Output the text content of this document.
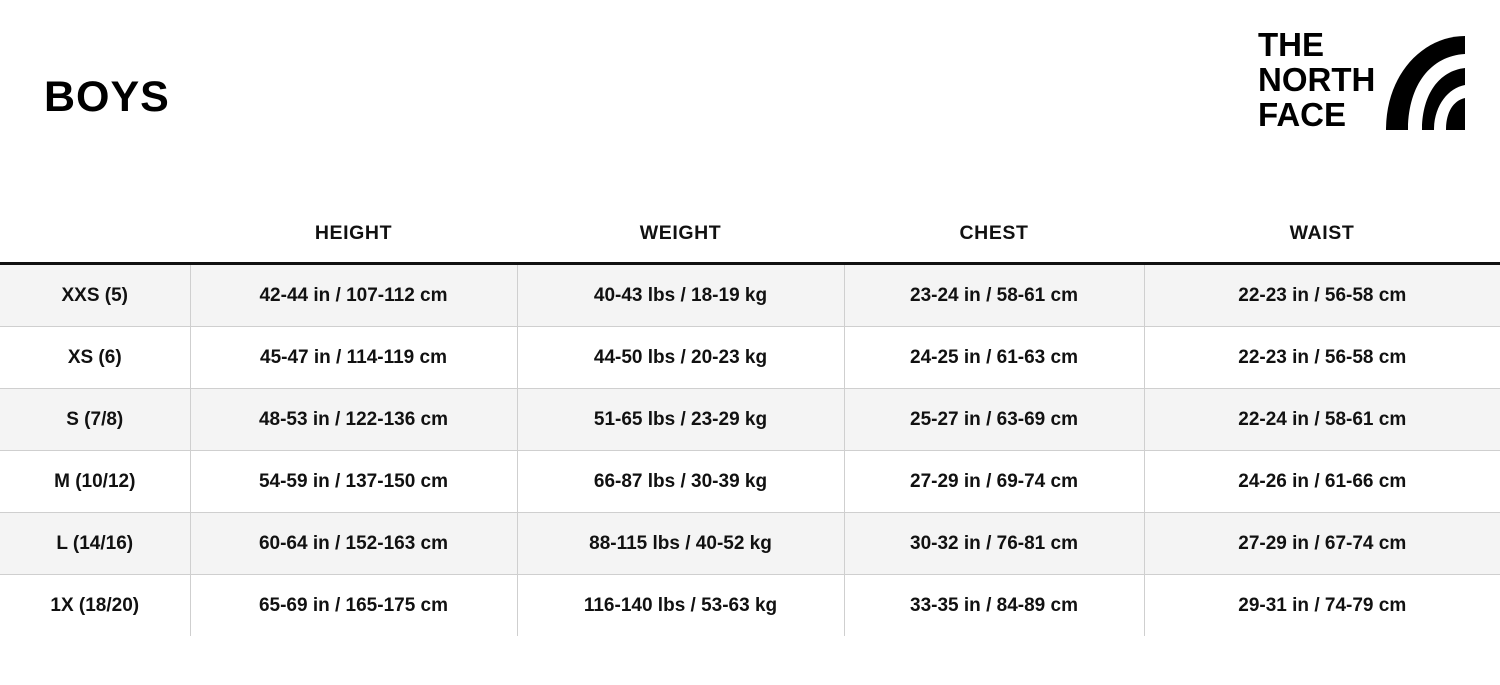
BOYS
THE
NORTH
FACE
	HEIGHT	WEIGHT	CHEST	WAIST
XXS (5)	42-44 in / 107-112 cm	40-43 lbs / 18-19 kg	23-24 in / 58-61 cm	22-23 in / 56-58 cm
XS (6)	45-47 in / 114-119 cm	44-50 lbs / 20-23 kg	24-25 in / 61-63 cm	22-23 in / 56-58 cm
S (7/8)	48-53 in / 122-136 cm	51-65 lbs / 23-29 kg	25-27 in / 63-69 cm	22-24 in / 58-61 cm
M (10/12)	54-59 in / 137-150 cm	66-87 lbs / 30-39 kg	27-29 in / 69-74 cm	24-26 in / 61-66 cm
L (14/16)	60-64 in / 152-163 cm	88-115 lbs / 40-52 kg	30-32 in / 76-81 cm	27-29 in / 67-74 cm
1X (18/20)	65-69 in / 165-175 cm	116-140 lbs / 53-63 kg	33-35 in / 84-89 cm	29-31 in / 74-79 cm
